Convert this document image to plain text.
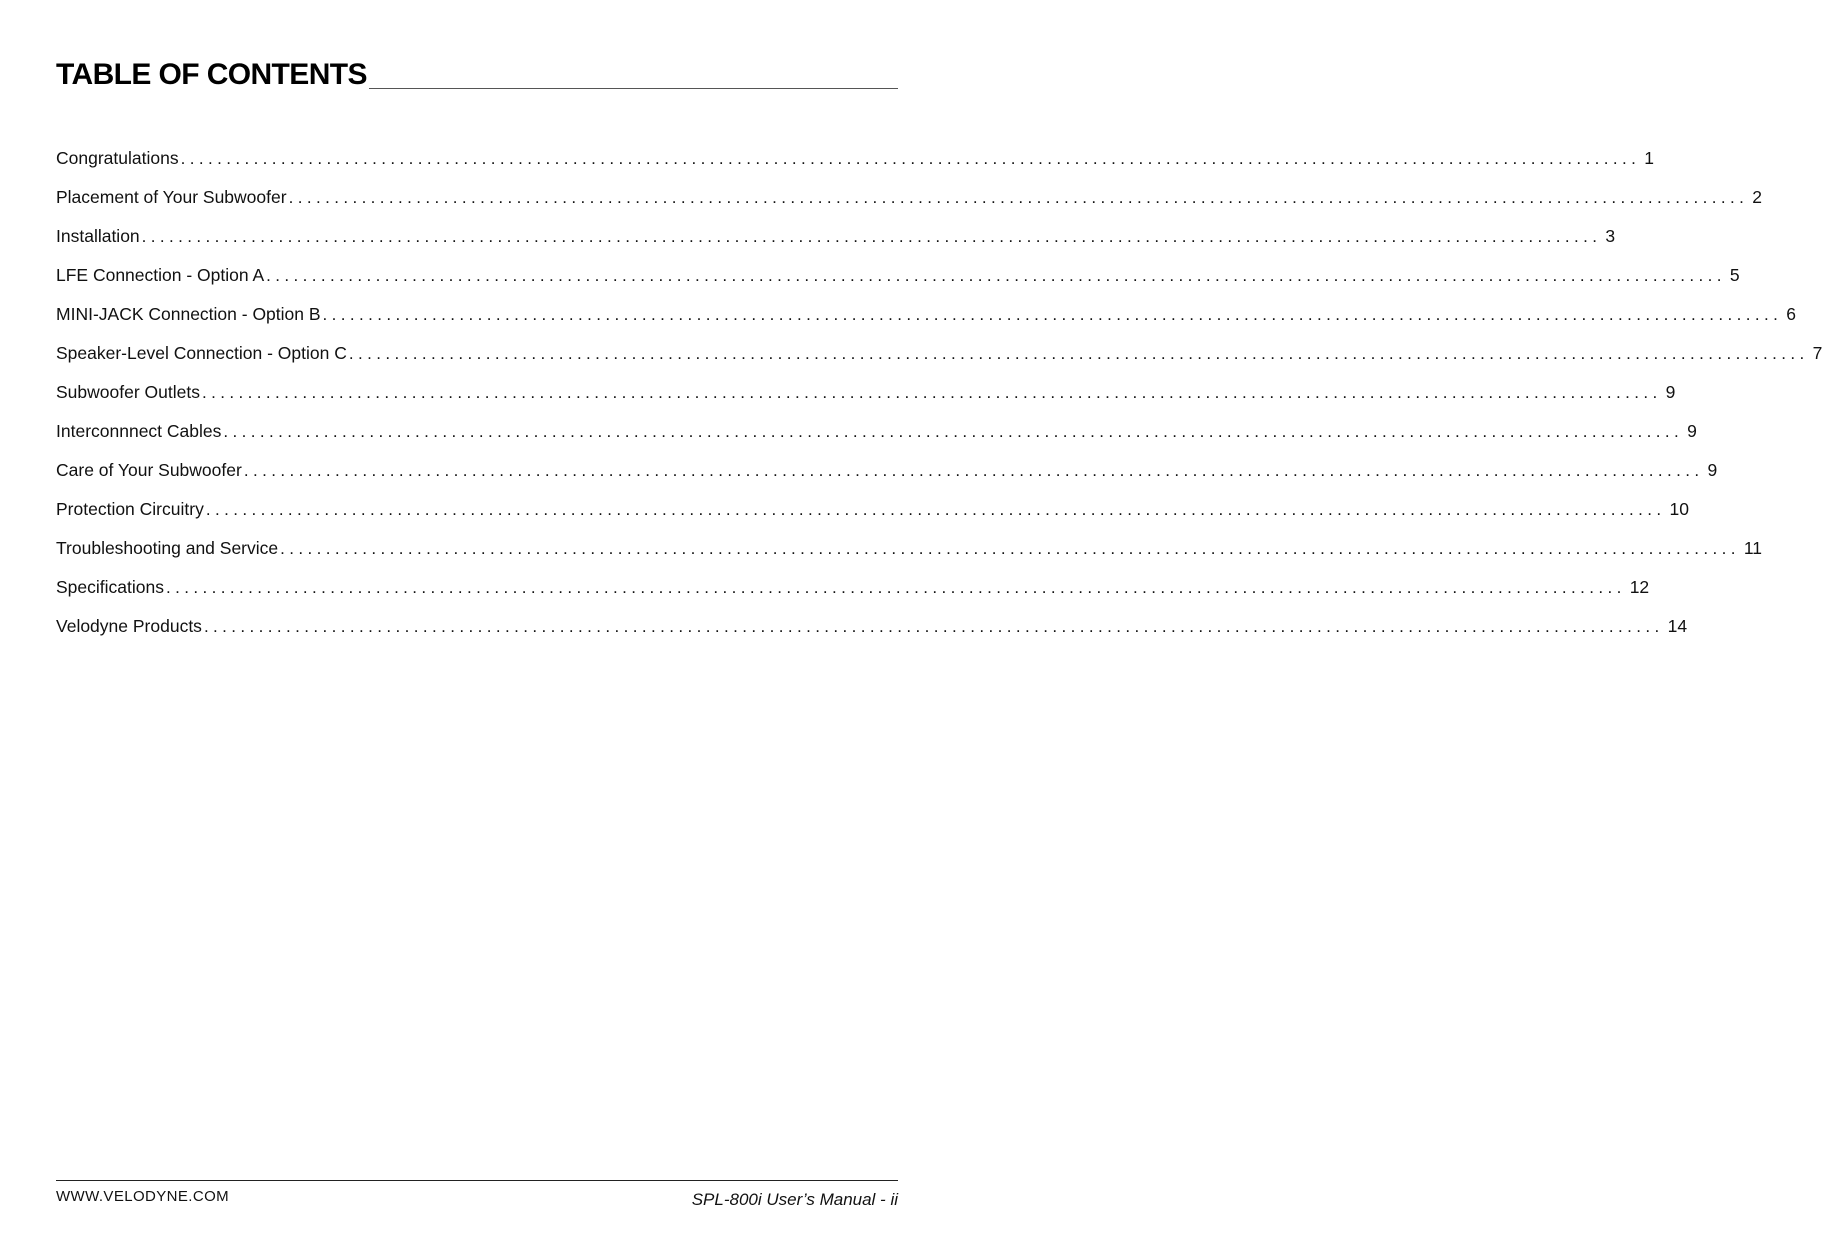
TABLE OF CONTENTS
Congratulations ................................................................................................................................................................ 1
Placement of Your Subwoofer ................................................................................................................................................................ 2
Installation ................................................................................................................................................................ 3
LFE Connection - Option A ................................................................................................................................................................ 5
MINI-JACK Connection - Option B ................................................................................................................................................................ 6
Speaker-Level Connection - Option C ................................................................................................................................................................ 7
Subwoofer Outlets ................................................................................................................................................................ 9
Interconnnect Cables ................................................................................................................................................................ 9
Care of Your Subwoofer ................................................................................................................................................................ 9
Protection Circuitry ................................................................................................................................................................ 10
Troubleshooting and Service ................................................................................................................................................................ 11
Specifications ................................................................................................................................................................ 12
Velodyne Products ................................................................................................................................................................ 14
WWW.VELODYNE.COM	SPL-800i User’s Manual - ii
